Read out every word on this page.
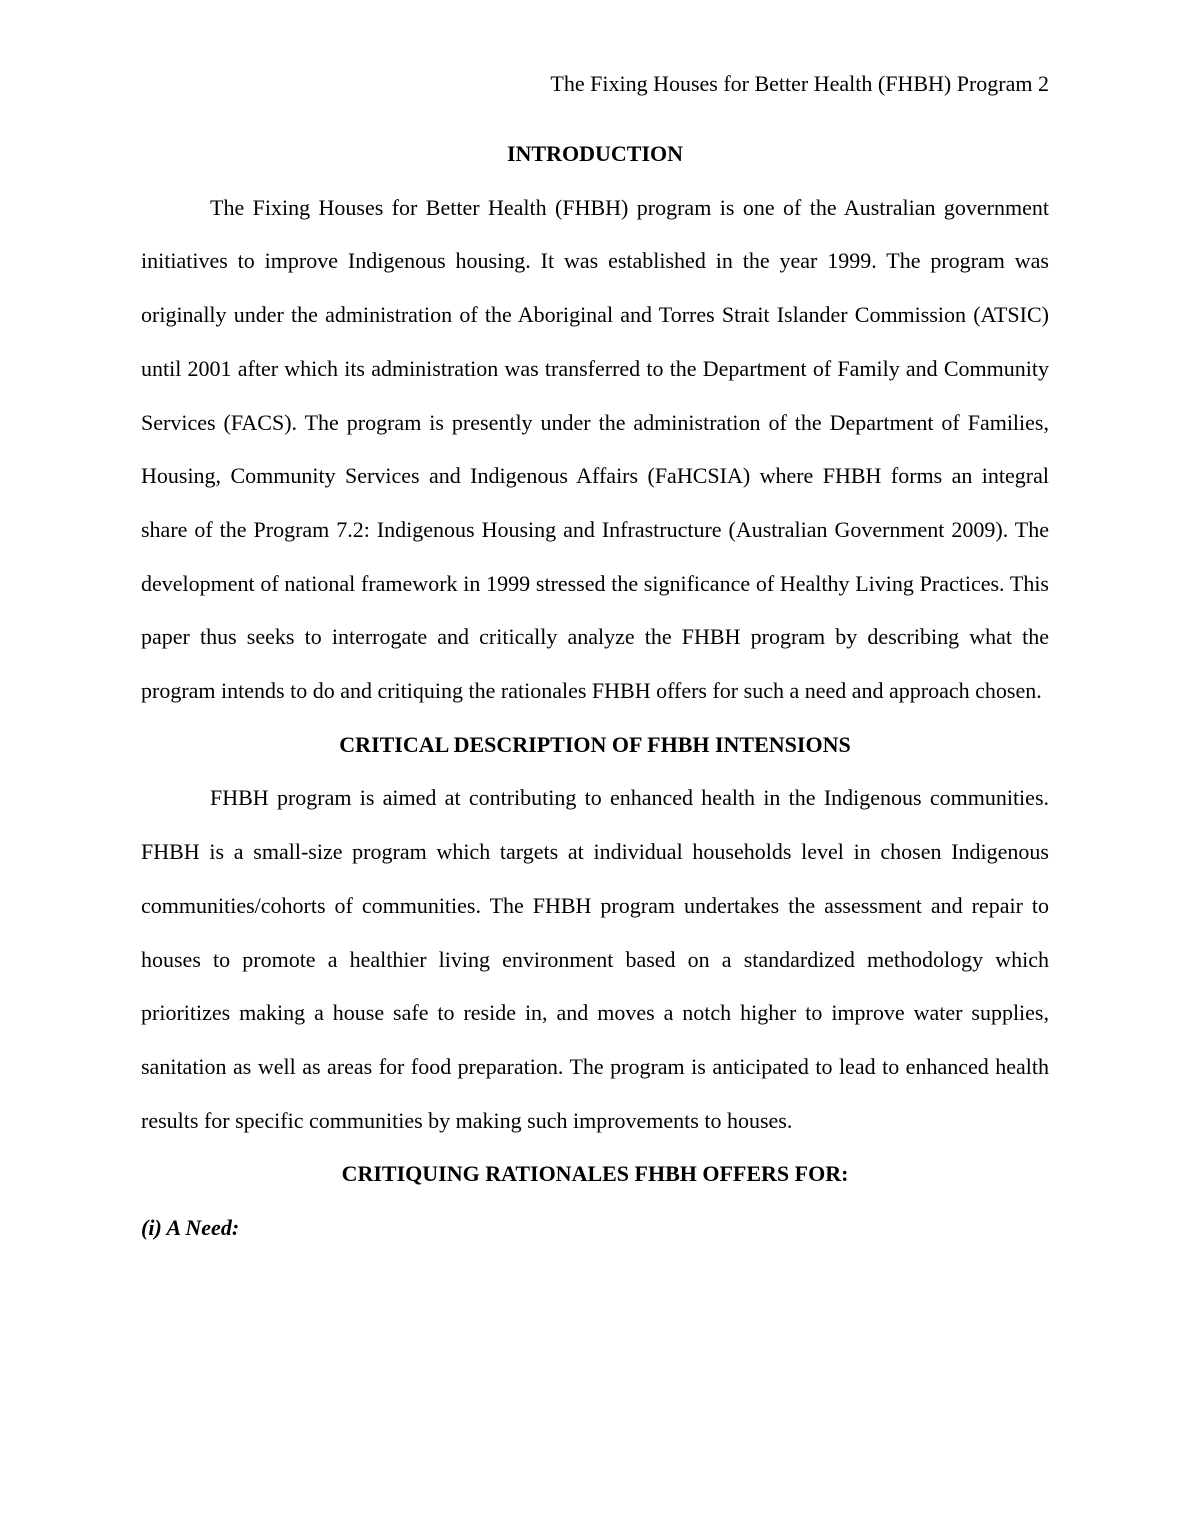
The Fixing Houses for Better Health (FHBH) Program 2

INTRODUCTION

The Fixing Houses for Better Health (FHBH) program is one of the Australian government initiatives to improve Indigenous housing. It was established in the year 1999. The program was originally under the administration of the Aboriginal and Torres Strait Islander Commission (ATSIC) until 2001 after which its administration was transferred to the Department of Family and Community Services (FACS). The program is presently under the administration of the Department of Families, Housing, Community Services and Indigenous Affairs (FaHCSIA) where FHBH forms an integral share of the Program 7.2: Indigenous Housing and Infrastructure (Australian Government 2009). The development of national framework in 1999 stressed the significance of Healthy Living Practices. This paper thus seeks to interrogate and critically analyze the FHBH program by describing what the program intends to do and critiquing the rationales FHBH offers for such a need and approach chosen.

CRITICAL DESCRIPTION OF FHBH INTENSIONS

FHBH program is aimed at contributing to enhanced health in the Indigenous communities. FHBH is a small-size program which targets at individual households level in chosen Indigenous communities/cohorts of communities. The FHBH program undertakes the assessment and repair to houses to promote a healthier living environment based on a standardized methodology which prioritizes making a house safe to reside in, and moves a notch higher to improve water supplies, sanitation as well as areas for food preparation. The program is anticipated to lead to enhanced health results for specific communities by making such improvements to houses.

CRITIQUING RATIONALES FHBH OFFERS FOR:

(i) A Need:
